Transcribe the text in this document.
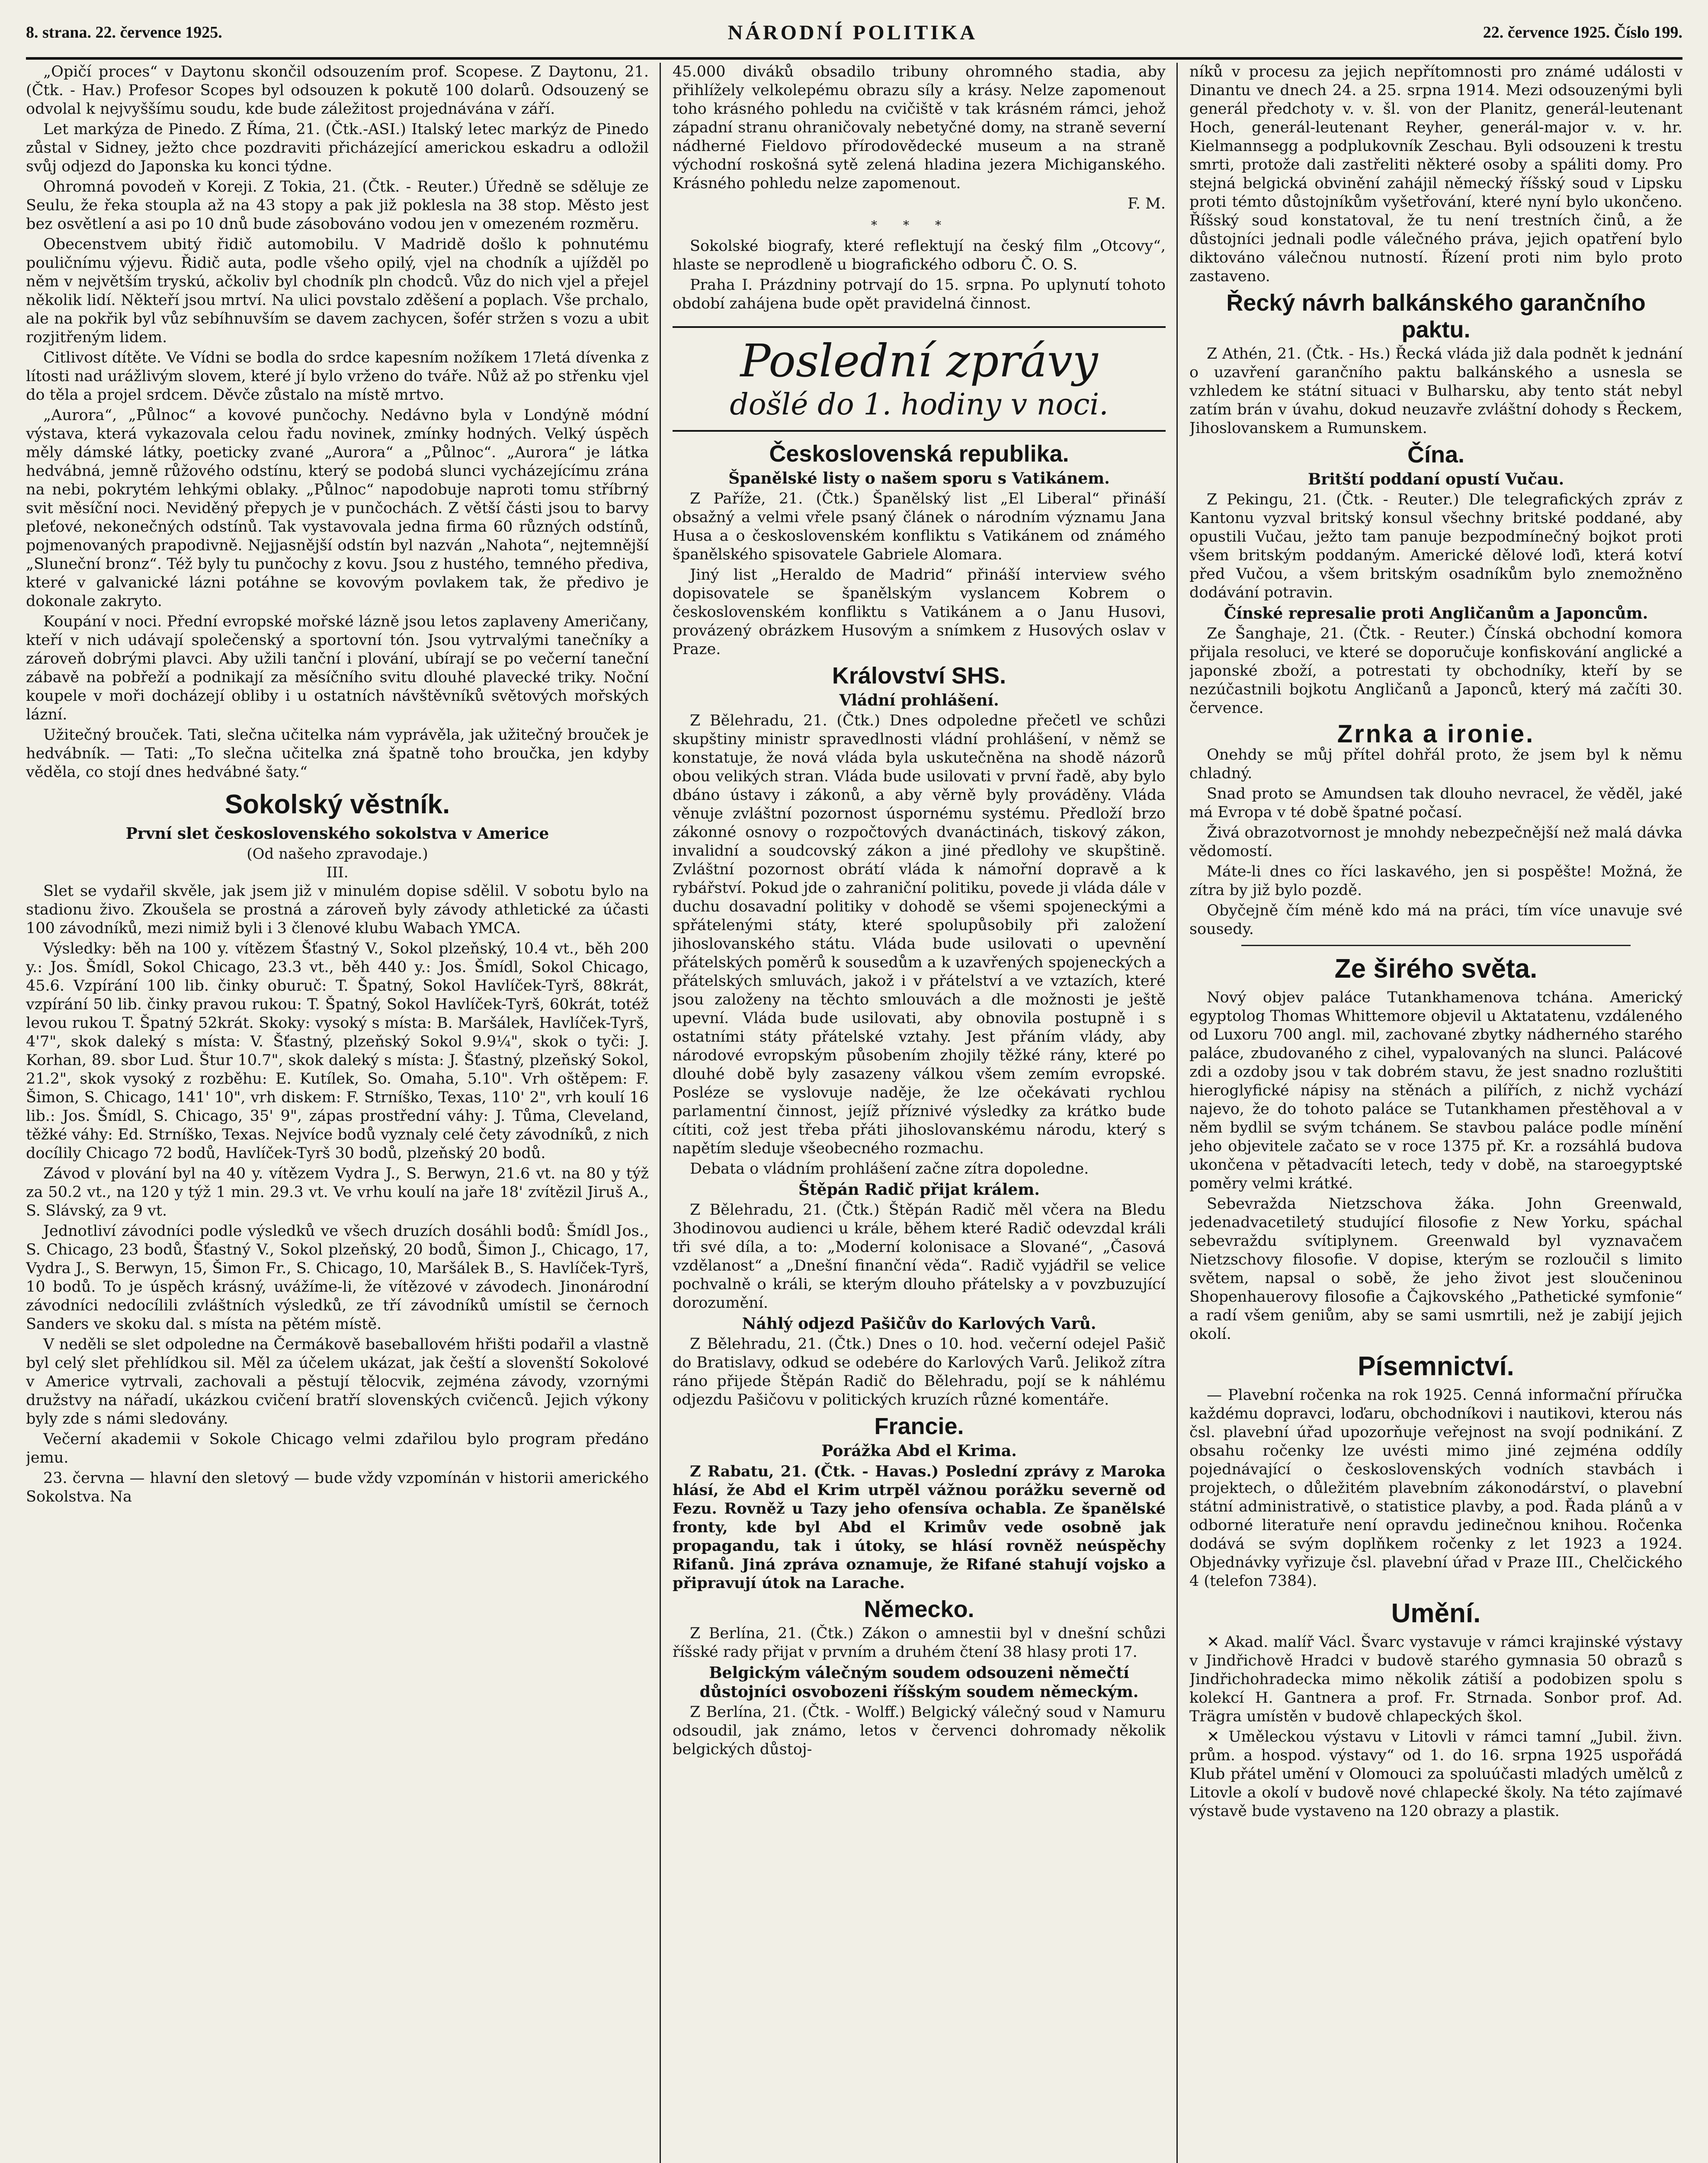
8. strana. 22. července 1925.	NÁRODNÍ POLITIKA	22. července 1925. Číslo 199.

„Opičí proces“ v Daytonu skončil odsouzením prof. Scopese. Z Daytonu, 21. (Čtk. - Hav.) Profesor Scopes byl odsouzen k pokutě 100 dolarů. Odsouzený se odvolal k nejvyššímu soudu, kde bude záležitost projednávána v září.

Let markýza de Pinedo. Z Říma, 21. (Čtk.-ASI.) Italský letec markýz de Pinedo zůstal v Sidney, ježto chce pozdraviti přicházející americkou eskadru a odložil svůj odjezd do Japonska ku konci týdne.

Ohromná povodeň v Koreji. Z Tokia, 21. (Čtk. - Reuter.) Úředně se sděluje ze Seulu, že řeka stoupla až na 43 stopy a pak již poklesla na 38 stop. Město jest bez osvětlení a asi po 10 dnů bude zásobováno vodou jen v omezeném rozměru.

Obecenstvem ubitý řidič automobilu. V Madridě došlo k pohnutému pouličnímu výjevu. Řidič auta, podle všeho opilý, vjel na chodník a ujížděl po něm v největším tryskú, ačkoliv byl chodník pln chodců. Vůz do nich vjel a přejel několik lidí. Někteří jsou mrtví. Na ulici povstalo zděšení a poplach. Vše prchalo, ale na pokřik byl vůz sebíhnuvším se davem zachycen, šofér stržen s vozu a ubit rozjitřeným lidem.

Citlivost dítěte. Ve Vídni se bodla do srdce kapesním nožíkem 17letá dívenka z lítosti nad urážlivým slovem, které jí bylo vrženo do tváře. Nůž až po střenku vjel do těla a projel srdcem. Děvče zůstalo na místě mrtvo.

„Aurora“, „Půlnoc“ a kovové punčochy. Nedávno byla v Londýně módní výstava, která vykazovala celou řadu novinek, zmínky hodných. Velký úspěch měly dámské látky, poeticky zvané „Aurora“ a „Půlnoc“. „Aurora“ je látka hedvábná, jemně růžového odstínu, který se podobá slunci vycházejícímu zrána na nebi, pokrytém lehkými oblaky. „Půlnoc“ napodobuje naproti tomu stříbrný svit měsíční noci. Neviděný přepych je v punčochách. Z větší části jsou to barvy pleťové, nekonečných odstínů. Tak vystavovala jedna firma 60 různých odstínů, pojmenovaných prapodivně. Nejjasnější odstín byl nazván „Nahota“, nejtemnější „Sluneční bronz“. Též byly tu punčochy z kovu. Jsou z hustého, temného předivа, které v galvanické lázni potáhne se kovovým povlakem tak, že předivo je dokonale zakryto.

Koupání v noci. Přední evropské mořské lázně jsou letos zaplaveny Američany, kteří v nich udávají společenský a sportovní tón. Jsou vytrvalými tanečníky a zároveň dobrými plavci. Aby užili tanční i plování, ubírají se po večerní taneční zábavě na pobřeží a podnikají za měsíčního svitu dlouhé plavecké triky. Noční koupele v moři docházejí obliby i u ostatních návštěvníků světových mořských lázní.

Užitečný brouček. Tati, slečna učitelka nám vyprávěla, jak užitečný brouček je hedvábník. — Tati: „To slečna učitelka zná špatně toho broučka, jen kdyby věděla, co stojí dnes hedvábné šaty.“

Sokolský věstník.
První slet československého sokolstva v Americe
(Od našeho zpravodaje.)
III.

Slet se vydařil skvěle, jak jsem již v minulém dopise sdělil. V sobotu bylo na stadionu živo. Zkoušela se prostná a zároveň byly závody athletické za účasti 100 závodníků, mezi nimiž byli i 3 členové klubu Wabach YMCA.

Výsledky: běh na 100 y. vítězem Šťastný V., Sokol plzeňský, 10.4 vt., běh 200 y.: Jos. Šmídl, Sokol Chicago, 23.3 vt., běh 440 y.: Jos. Šmídl, Sokol Chicago, 45.6. Vzpírání 100 lib. činky oburuč: T. Špatný, Sokol Havlíček-Tyrš, 88krát, vzpírání 50 lib. činky pravou rukou: T. Špatný, Sokol Havlíček-Tyrš, 60krát, totéž levou rukou T. Špatný 52krát. Skoky: vysoký s místa: B. Maršálek, Havlíček-Tyrš, 4'7", skok daleký s místa: V. Šťastný, plzeňský Sokol 9.9¼", skok o tyči: J. Korhan, 89. sbor Lud. Štur 10.7", skok daleký s místa: J. Šťastný, plzeňský Sokol, 21.2", skok vysoký z rozběhu: E. Kutílek, So. Omaha, 5.10". Vrh oštěpem: F. Šimon, S. Chicago, 141' 10", vrh diskem: F. Strníško, Texas, 110' 2", vrh koulí 16 lib.: Jos. Šmídl, S. Chicago, 35' 9", zápas prostřední váhy: J. Tůma, Cleveland, těžké váhy: Ed. Strníško, Texas. Nejvíce bodů vyznaly celé čety závodníků, z nich docílily Chicago 72 bodů, Havlíček-Tyrš 30 bodů, plzeňský 20 bodů.

Závod v plování byl na 40 y. vítězem Vydra J., S. Berwyn, 21.6 vt. na 80 y týž za 50.2 vt., na 120 y týž 1 min. 29.3 vt. Ve vrhu koulí na jaře 18' zvítězil Jiruš A., S. Slávský, za 9 vt.

Jednotliví závodníci podle výsledků ve všech druzích dosáhli bodů: Šmídl Jos., S. Chicago, 23 bodů, Šťastný V., Sokol plzeňský, 20 bodů, Šimon J., Chicago, 17, Vydra J., S. Berwyn, 15, Šimon Fr., S. Chicago, 10, Maršálek B., S. Havlíček-Tyrš, 10 bodů. To je úspěch krásný, uvážíme-li, že vítězové v závodech. Jinonárodní závodníci nedocílili zvláštních výsledků, ze tří závodníků umístil se černoch Sanders ve skoku dal. s místa na pětém místě.

V neděli se slet odpoledne na Čermákově baseballovém hřišti podařil a vlastně byl celý slet přehlídkou sil. Měl za účelem ukázat, jak čeští a slovenští Sokolové v Americe vytrvali, zachovali a pěstují tělocvik, zejména závody, vzornými družstvy na nářadí, ukázkou cvičení bratří slovenských cvičenců. Jejich výkony byly zde s námi sledovány.

Večerní akademii v Sokole Chicago velmi zdařilou bylo program předáno jemu.

23. června — hlavní den sletový — bude vždy vzpomínán v historii amerického Sokolstva. Na

45.000 diváků obsadilo tribuny ohromného stadia, aby přihlížely velkolepému obrazu síly a krásy. Nelze zapomenout toho krásného pohledu na cvičiště v tak krásném rámci, jehož západní stranu ohraničovaly nebetyčné domy, na straně severní nádherné Fieldovo přírodovědecké museum a na straně východní roskošná sytě zelená hladina jezera Michiganského. Krásného pohledu nelze zapomenout.

F. M.
***

Sokolské biografy, které reflektují na český film „Otcovy“, hlaste se neprodleně u biografického odboru Č. O. S.

Praha I. Prázdniny potrvají do 15. srpna. Po uplynutí tohoto období zahájena bude opět pravidelná činnost.

Poslední zprávy
došlé do 1. hodiny v noci.
Československá republika.
Španělské listy o našem sporu s Vatikánem.

Z Paříže, 21. (Čtk.) Španělský list „El Liberal“ přináší obsažný a velmi vřele psaný článek o národním významu Jana Husa a o československém konfliktu s Vatikánem od známého španělského spisovatele Gabriele Alomara.

Jiný list „Heraldo de Madrid“ přináší interview svého dopisovatele se španělským vyslancem Kobrem o československém konfliktu s Vatikánem a o Janu Husovi, provázený obrázkem Husovým a snímkem z Husových oslav v Praze.

Království SHS.
Vládní prohlášení.

Z Bělehradu, 21. (Čtk.) Dnes odpoledne přečetl ve schůzi skupštiny ministr spravedlnosti vládní prohlášení, v němž se konstatuje, že nová vláda byla uskutečněna na shodě názorů obou velikých stran. Vláda bude usilovati v první řadě, aby bylo dbáno ústavy i zákonů, a aby věrně byly prováděny. Vláda věnuje zvláštní pozornost úspornému systému. Předloží brzo zákonné osnovy o rozpočtových dvanáctinách, tiskový zákon, invalidní a soudcovský zákon a jiné předlohy ve skupštině. Zvláštní pozornost obrátí vláda k námořní dopravě a k rybářství. Pokud jde o zahraniční politiku, povede ji vláda dále v duchu dosavadní politiky v dohodě se všemi spojeneckými a spřátelenými státy, které spolupůsobily při založení jihoslovanského státu. Vláda bude usilovati o upevnění přátelských poměrů k sousedům a k uzavřených spojeneckých a přátelských smluvách, jakož i v přátelství a ve vztazích, které jsou založeny na těchto smlouvách a dle možnosti je ještě upevní. Vláda bude usilovati, aby obnovila postupně i s ostatními státy přátelské vztahy. Jest přáním vlády, aby národové evropským působením zhojily těžké rány, které po dlouhé době byly zasazeny válkou všem zemím evropské. Posléze se vyslovuje naděje, že lze očekávati rychlou parlamentní činnost, jejíž příznivé výsledky za krátko bude cítiti, což jest třeba přáti jihoslovanskému národu, který s napětím sleduje všeobecného rozmachu.

Debata o vládním prohlášení začne zítra dopoledne.

Štěpán Radič přijat králem.

Z Bělehradu, 21. (Čtk.) Štěpán Radič měl včera na Bledu 3hodinovou audienci u krále, během které Radič odevzdal králi tři své díla, a to: „Moderní kolonisace a Slované“, „Časová vzdělanost“ a „Dnešní finanční věda“. Radič vyjádřil se velice pochvalně o králi, se kterým dlouho přátelsky a v povzbuzující dorozumění.

Náhlý odjezd Pašičův do Karlových Varů.

Z Bělehradu, 21. (Čtk.) Dnes o 10. hod. večerní odejel Pašič do Bratislavy, odkud se odebére do Karlových Varů. Jelikož zítra ráno přijede Štěpán Radič do Bělehradu, pojí se k náhlému odjezdu Pašičovu v politických kruzích různé komentáře.

Francie.
Porážka Abd el Krima.

Z Rabatu, 21. (Čtk. - Havas.) Poslední zprávy z Maroka hlásí, že Abd el Krim utrpěl vážnou porážku severně od Fezu. Rovněž u Tazy jeho ofensíva ochabla. Ze španělské fronty, kde byl Abd el Krimův vede osobně jak propagandu, tak i útoky, se hlásí rovněž neúspěchy Rifanů. Jiná zpráva oznamuje, že Rifané stahují vojsko a připravují útok na Larache.

Německo.

Z Berlína, 21. (Čtk.) Zákon o amnestii byl v dnešní schůzi říšské rady přijat v prvním a druhém čtení 38 hlasy proti 17.

Belgickým válečným soudem odsouzeni němečtí důstojníci osvobozeni říšským soudem německým.

Z Berlína, 21. (Čtk. - Wolff.) Belgický válečný soud v Namuru odsoudil, jak známo, letos v červenci dohromady několik belgických důstoj-

níků v procesu za jejich nepřítomnosti pro známé události v Dinantu ve dnech 24. a 25. srpna 1914. Mezi odsouzenými byli generál předchoty v. v. šl. von der Planitz, generál-leutenant Hoch, generál-leutenant Reyher, generál-major v. v. hr. Kielmannsegg a podplukovník Zeschau. Byli odsouzeni k trestu smrti, protože dali zastřeliti některé osoby a spáliti domy. Pro stejná belgická obvinění zahájil německý říšský soud v Lipsku proti témto důstojníkům vyšetřování, které nyní bylo ukončeno. Říšský soud konstatoval, že tu není trestních činů, a že důstojníci jednali podle válečného práva, jejich opatření bylo diktováno válečnou nutností. Řízení proti nim bylo proto zastaveno.

Řecký návrh balkánského garančního paktu.

Z Athén, 21. (Čtk. - Hs.) Řecká vláda již dala podnět k jednání o uzavření garančního paktu balkánského a usnesla se vzhledem ke státní situaci v Bulharsku, aby tento stát nebyl zatím brán v úvahu, dokud neuzavře zvláštní dohody s Řeckem, Jihoslovanskem a Rumunskem.

Čína.
Britští poddaní opustí Vučau.

Z Pekingu, 21. (Čtk. - Reuter.) Dle telegrafických zpráv z Kantonu vyzval britský konsul všechny britské poddané, aby opustili Vučau, ježto tam panuje bezpodmínečný bojkot proti všem britským poddaným. Americké dělové loďi, která kotví před Vučou, a všem britským osadníkům bylo znemožněno dodávání potravin.

Čínské represalie proti Angličanům a Japoncům.

Ze Šanghaje, 21. (Čtk. - Reuter.) Čínská obchodní komora přijala resoluci, ve které se doporučuje konfiskování anglické a japonské zboží, a potrestati ty obchodníky, kteří by se nezúčastnili bojkotu Angličanů a Japonců, který má začíti 30. července.

Zrnka a ironie.

Onehdy se můj přítel dohřál proto, že jsem byl k němu chladný.

Snad proto se Amundsen tak dlouho nevracel, že věděl, jaké má Evropa v té době špatné počasí.

Živá obrazotvornost je mnohdy nebezpečnější než malá dávka vědomostí.

Máte-li dnes co říci laskavého, jen si pospěšte! Možná, že zítra by již bylo pozdě.

Obyčejně čím méně kdo má na práci, tím více unavuje své sousedy.

Ze širého světa.

Nový objev paláce Tutankhamenova tchána. Americký egyptolog Thomas Whittemore objevil u Aktatatenu, vzdáleného od Luxoru 700 angl. mil, zachované zbytky nádherného starého paláce, zbudovaného z cihel, vypalovaných na slunci. Palácové zdi a ozdoby jsou v tak dobrém stavu, že jest snadno rozluštiti hieroglyfické nápisy na stěnách a pilířích, z nichž vychází najevo, že do tohoto paláce se Tutankhamen přestěhoval a v něm bydlil se svým tchánem. Se stavbou paláce podle mínění jeho objevitele začato se v roce 1375 př. Kr. a rozsáhlá budova ukončena v pětadvacíti letech, tedy v době, na staroegyptské poměry velmi krátké.

Sebevražda Nietzschova žáka. John Greenwald, jedenadvacetiletý studující filosofie z New Yorku, spáchal sebevraždu svítiplynem. Greenwald byl vyznavačem Nietzschovy filosofie. V dopise, kterým se rozloučil s limito světem, napsal o sobě, že jeho život jest sloučeninou Shopenhauerovy filosofie a Čajkovského „Pathetické symfonie“ a radí všem geniům, aby se sami usmrtili, než je zabijí jejich okolí.

Písemnictví.

— Plavební ročenka na rok 1925. Cenná informační příručka každému dopravci, loďaru, obchodníkovi i nautikovi, kterou nás čsl. plavební úřad upozorňuje veřejnost na svojí podnikání. Z obsahu ročenky lze uvésti mimo jiné zejména oddíly pojednávající o československých vodních stavbách i projektech, o důležitém plavebním zákonodárství, o plavební státní administrativě, o statistice plavby, a pod. Řada plánů a v odborné literatuře není opravdu jedinečnou knihou. Ročenka dodává se svým doplňkem ročenky z let 1923 a 1924. Objednávky vyřizuje čsl. plavební úřad v Praze III., Chelčického 4 (telefon 7384).

Umění.

✕ Akad. malíř Václ. Švarc vystavuje v rámci krajinské výstavy v Jindřichově Hradci v budově starého gymnasia 50 obrazů s Jindřichohradecka mimo několik zátiší a podobizen spolu s kolekcí H. Gantnera a prof. Fr. Strnada. Sonbor prof. Ad. Trägra umístěn v budově chlapeckých škol.

✕ Uměleckou výstavu v Litovli v rámci tamní „Jubil. živn. prům. a hospod. výstavy“ od 1. do 16. srpna 1925 uspořádá Klub přátel umění v Olomouci za spoluúčasti mladých umělců z Litovle a okolí v budově nové chlapecké školy. Na této zajímavé výstavě bude vystaveno na 120 obrazy a plastik.
